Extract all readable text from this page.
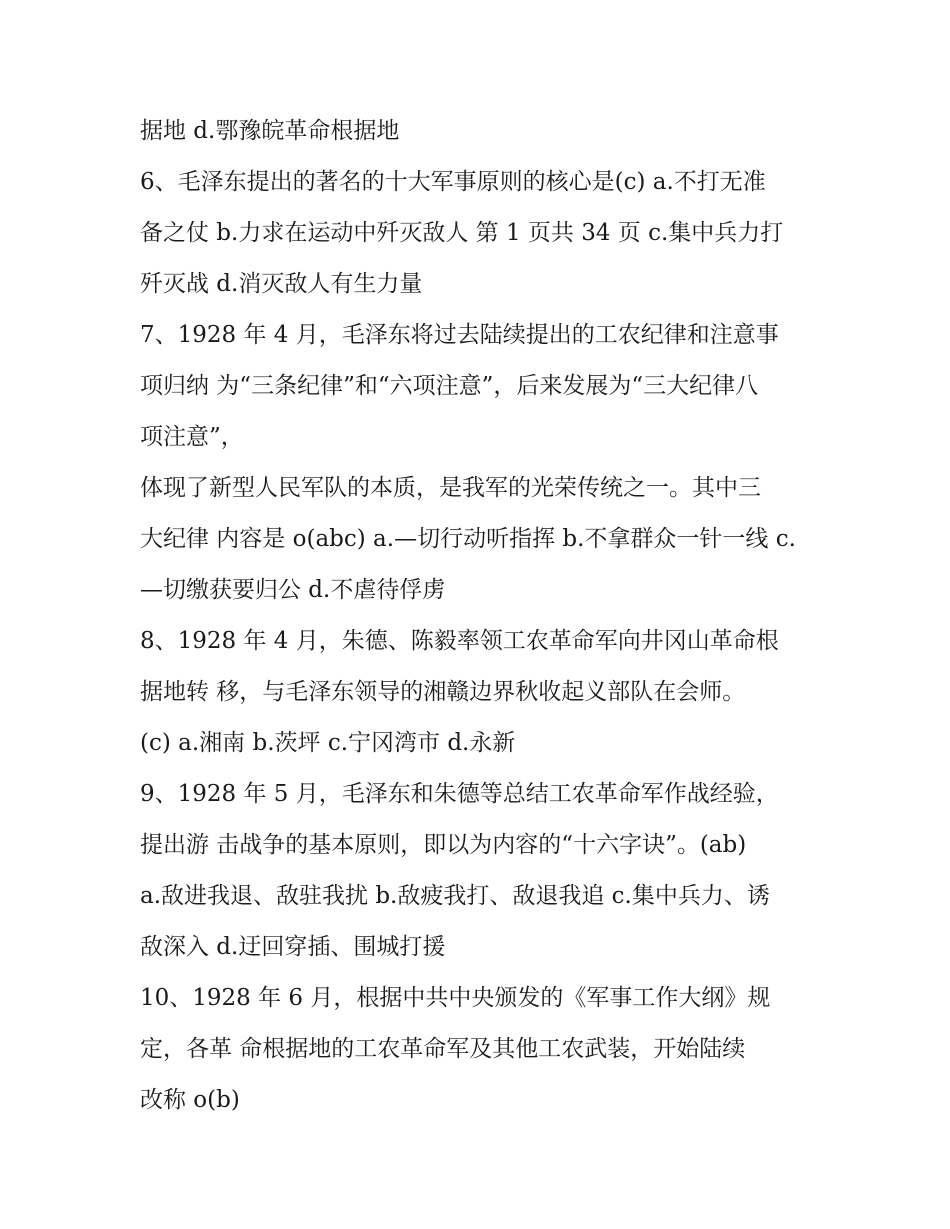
据地 d.鄂豫皖革命根据地
6、毛泽东提出的著名的十大军事原则的核心是(c) a.不打无准
备之仗 b.力求在运动中歼灭敌人 第 1 页共 34 页 c.集中兵力打
歼灭战 d.消灭敌人有生力量
7、1928 年 4 月，毛泽东将过去陆续提出的工农纪律和注意事
项归纳 为“三条纪律”和“六项注意”，后来发展为“三大纪律八
项注意”，
体现了新型人民军队的本质，是我军的光荣传统之一。其中三
大纪律 内容是 o(abc) a.—切行动听指挥 b.不拿群众一针一线 c.
—切缴获要归公 d.不虐待俘虏
8、1928 年 4 月，朱德、陈毅率领工农革命军向井冈山革命根
据地转 移，与毛泽东领导的湘赣边界秋收起义部队在会师。
(c) a.湘南 b.茨坪 c.宁冈湾市 d.永新
9、1928 年 5 月，毛泽东和朱德等总结工农革命军作战经验，
提出游 击战争的基本原则，即以为内容的“十六字诀”。(ab)
a.敌进我退、敌驻我扰 b.敌疲我打、敌退我追 c.集中兵力、诱
敌深入 d.迂回穿插、围城打援
10、1928 年 6 月，根据中共中央颁发的《军事工作大纲》规
定，各革 命根据地的工农革命军及其他工农武装，开始陆续
改称 o(b)
